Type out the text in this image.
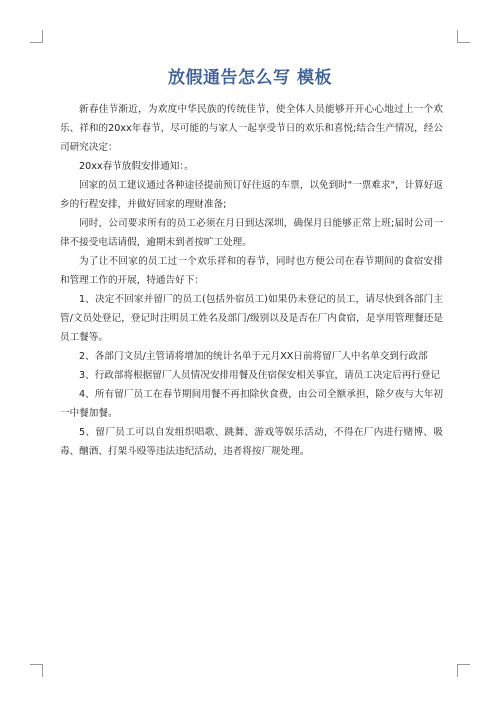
放假通告怎么写 模板

新春佳节渐近，为欢度中华民族的传统佳节，使全体人员能够开开心心地过上一个欢乐、祥和的20xx年春节，尽可能的与家人一起享受节日的欢乐和喜悦;结合生产情况，经公司研究决定：

20xx春节放假安排通知：。

回家的员工建议通过各种途径提前预订好往返的车票，以免到时"一票难求"，计算好返乡的行程安排，并做好回家的理财准备;

同时，公司要求所有的员工必须在月日到达深圳，确保月日能够正常上班;届时公司一律不接受电话请假，逾期未到者按旷工处理。

为了让不回家的员工过一个欢乐祥和的春节，同时也方便公司在春节期间的食宿安排和管理工作的开展，特通告好下：

1、决定不回家并留厂的员工(包括外宿员工)如果仍未登记的员工，请尽快到各部门主管/文员处登记，登记时注明员工姓名及部门/级别以及是否在厂内食宿，是享用管理餐还是员工餐等。

2、各部门文员/主管请将增加的统计名单于元月XX日前将留厂人中名单交到行政部

3、行政部将根据留厂人员情况安排用餐及住宿保安相关事宜，请员工决定后再行登记

4、所有留厂员工在春节期间用餐不再扣除伙食费，由公司全额承担，除夕夜与大年初一中餐加餐。

5、留厂员工可以自发组织唱歌、跳舞、游戏等娱乐活动，不得在厂内进行赌博、吸毒、酗酒、打架斗殴等违法违纪活动，违者将按厂规处理。
